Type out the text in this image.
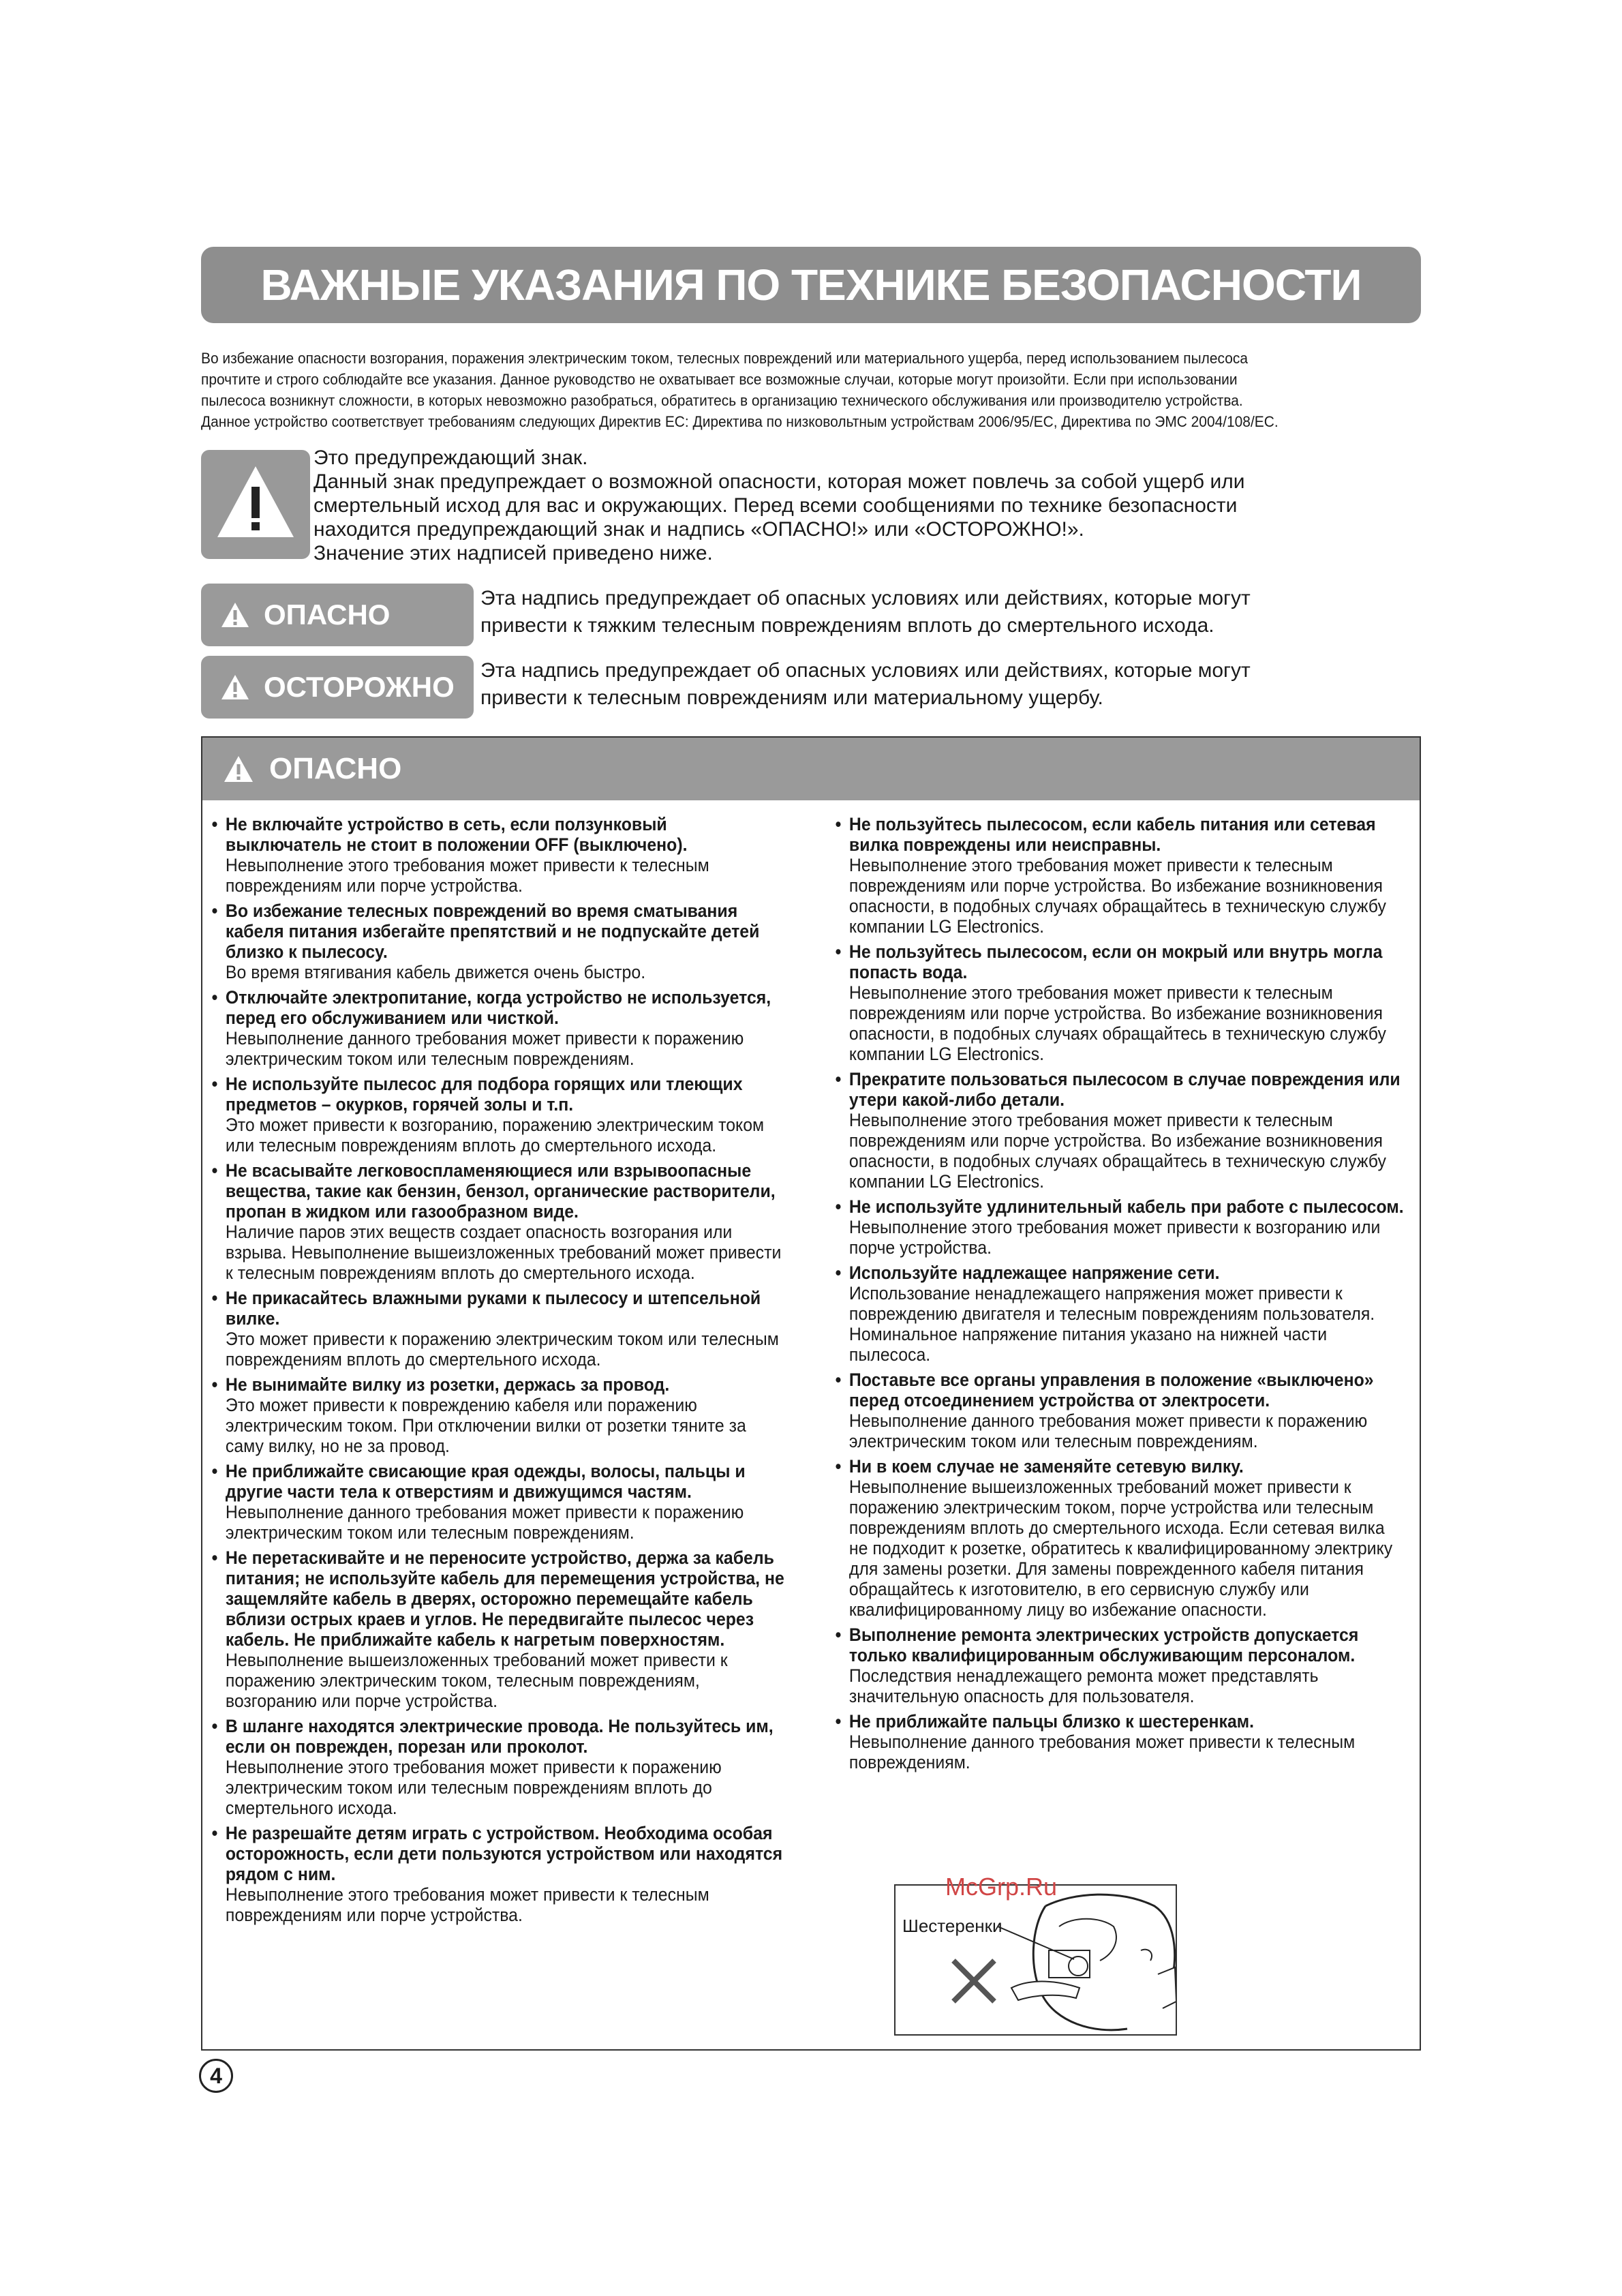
ВАЖНЫЕ УКАЗАНИЯ ПО ТЕХНИКЕ БЕЗОПАСНОСТИ

Во избежание опасности возгорания, поражения электрическим током, телесных повреждений или материального ущерба, перед использованием пылесоса

прочтите и строго соблюдайте все указания. Данное руководство не охватывает все возможные случаи, которые могут произойти. Если при использовании

пылесоса возникнут сложности, в которых невозможно разобраться, обратитесь в организацию технического обслуживания или производителю устройства.

Данное устройство соответствует требованиям следующих Директив ЕС: Директива по низковольтным устройствам 2006/95/EC, Директива по ЭМС 2004/108/EC.

Это предупреждающий знак.

Данный знак предупреждает о возможной опасности, которая может повлечь за собой ущерб или

смертельный исход для вас и окружающих. Перед всеми сообщениями по технике безопасности

находится предупреждающий знак и надпись «ОПАСНО!» или «ОСТОРОЖНО!».

Значение этих надписей приведено ниже.

ОПАСНО

Эта надпись предупреждает об опасных условиях или действиях, которые могут

привести к тяжким телесным повреждениям вплоть до смертельного исхода.

ОСТОРОЖНО

Эта надпись предупреждает об опасных условиях или действиях, которые могут

привести к телесным повреждениям или материальному ущербу.

ОПАСНО
• Не включайте устройство в сеть, если ползунковый выключатель не стоит в положении OFF (выключено).
Невыполнение этого требования может привести к телесным повреждениям или порче устройства.
• Во избежание телесных повреждений во время сматывания кабеля питания избегайте препятствий и не подпускайте детей близко к пылесосу.
Во время втягивания кабель движется очень быстро.
• Отключайте электропитание, когда устройство не используется, перед его обслуживанием или чисткой.
Невыполнение данного требования может привести к поражению электрическим током или телесным повреждениям.
• Не используйте пылесос для подбора горящих или тлеющих предметов – окурков, горячей золы и т.п.
Это может привести к возгоранию, поражению электрическим током или телесным повреждениям вплоть до смертельного исхода.
• Не всасывайте легковоспламеняющиеся или взрывоопасные вещества, такие как бензин, бензол, органические растворители, пропан в жидком или газообразном виде.
Наличие паров этих веществ создает опасность возгорания или взрыва. Невыполнение вышеизложенных требований может привести к телесным повреждениям вплоть до смертельного исхода.
• Не прикасайтесь влажными руками к пылесосу и штепсельной вилке.
Это может привести к поражению электрическим током или телесным повреждениям вплоть до смертельного исхода.
• Не вынимайте вилку из розетки, держась за провод.
Это может привести к повреждению кабеля или поражению электрическим током. При отключении вилки от розетки тяните за саму вилку, но не за провод.
• Не приближайте свисающие края одежды, волосы, пальцы и другие части тела к отверстиям и движущимся частям.
Невыполнение данного требования может привести к поражению электрическим током или телесным повреждениям.
• Не перетаскивайте и не переносите устройство, держа за кабель питания; не используйте кабель для перемещения устройства, не защемляйте кабель в дверях, осторожно перемещайте кабель вблизи острых краев и углов. Не передвигайте пылесос через кабель. Не приближайте кабель к нагретым поверхностям.
Невыполнение вышеизложенных требований может привести к поражению электрическим током, телесным повреждениям, возгоранию или порче устройства.
• В шланге находятся электрические провода. Не пользуйтесь им, если он поврежден, порезан или проколот.
Невыполнение этого требования может привести к поражению электрическим током или телесным повреждениям вплоть до смертельного исхода.
• Не разрешайте детям играть с устройством. Необходима особая осторожность, если дети пользуются устройством или находятся рядом с ним.
Невыполнение этого требования может привести к телесным повреждениям или порче устройства.
• Не пользуйтесь пылесосом, если кабель питания или сетевая вилка повреждены или неисправны.
Невыполнение этого требования может привести к телесным повреждениям или порче устройства. Во избежание возникновения опасности, в подобных случаях обращайтесь в техническую службу компании LG Electronics.
• Не пользуйтесь пылесосом, если он мокрый или внутрь могла попасть вода.
Невыполнение этого требования может привести к телесным повреждениям или порче устройства. Во избежание возникновения опасности, в подобных случаях обращайтесь в техническую службу компании LG Electronics.
• Прекратите пользоваться пылесосом в случае повреждения или утери какой-либо детали.
Невыполнение этого требования может привести к телесным повреждениям или порче устройства. Во избежание возникновения опасности, в подобных случаях обращайтесь в техническую службу компании LG Electronics.
• Не используйте удлинительный кабель при работе с пылесосом.
Невыполнение этого требования может привести к возгоранию или порче устройства.
• Используйте надлежащее напряжение сети.
Использование ненадлежащего напряжения может привести к повреждению двигателя и телесным повреждениям пользователя. Номинальное напряжение питания указано на нижней части пылесоса.
• Поставьте все органы управления в положение «выключено» перед отсоединением устройства от электросети.
Невыполнение данного требования может привести к поражению электрическим током или телесным повреждениям.
• Ни в коем случае не заменяйте сетевую вилку.
Невыполнение вышеизложенных требований может привести к поражению электрическим током, порче устройства или телесным повреждениям вплоть до смертельного исхода. Если сетевая вилка не подходит к розетке, обратитесь к квалифицированному электрику для замены розетки. Для замены поврежденного кабеля питания обращайтесь к изготовителю, в его сервисную службу или квалифицированному лицу во избежание опасности.
• Выполнение ремонта электрических устройств допускается только квалифицированным обслуживающим персоналом.
Последствия ненадлежащего ремонта может представлять значительную опасность для пользователя.
• Не приближайте пальцы близко к шестеренкам.
Невыполнение данного требования может привести к телесным повреждениям.
Шестеренки
McGrp.Ru
4
